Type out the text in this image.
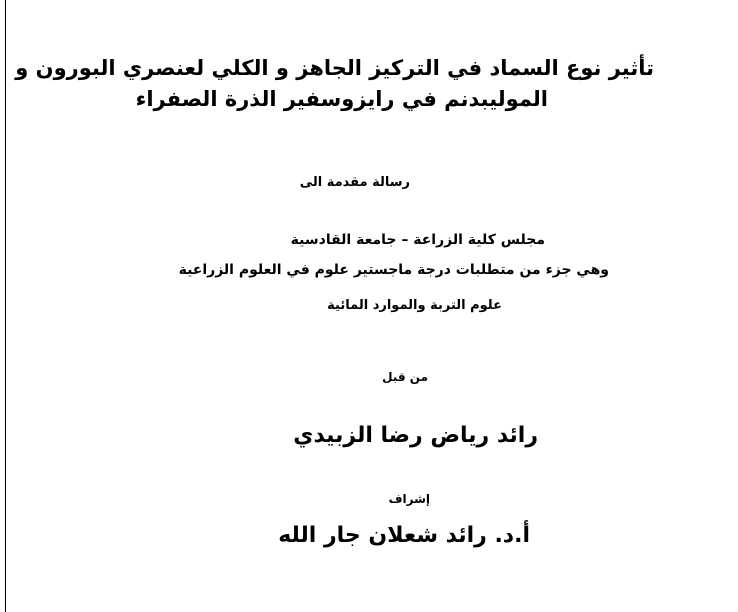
تأثير نوع السماد في التركيز الجاهز و الكلي لعنصري البورون و
الموليبدنم في رايزوسفير الذرة الصفراء
رسالة مقدمة الى
مجلس كلية الزراعة – جامعة القادسية
وهي جزء من متطلبات درجة ماجستير علوم في العلوم الزراعية
علوم التربة والموارد المائية
من قبل
رائد رياض رضا الزبيدي
إشراف
أ.د. رائد شعلان جار الله
